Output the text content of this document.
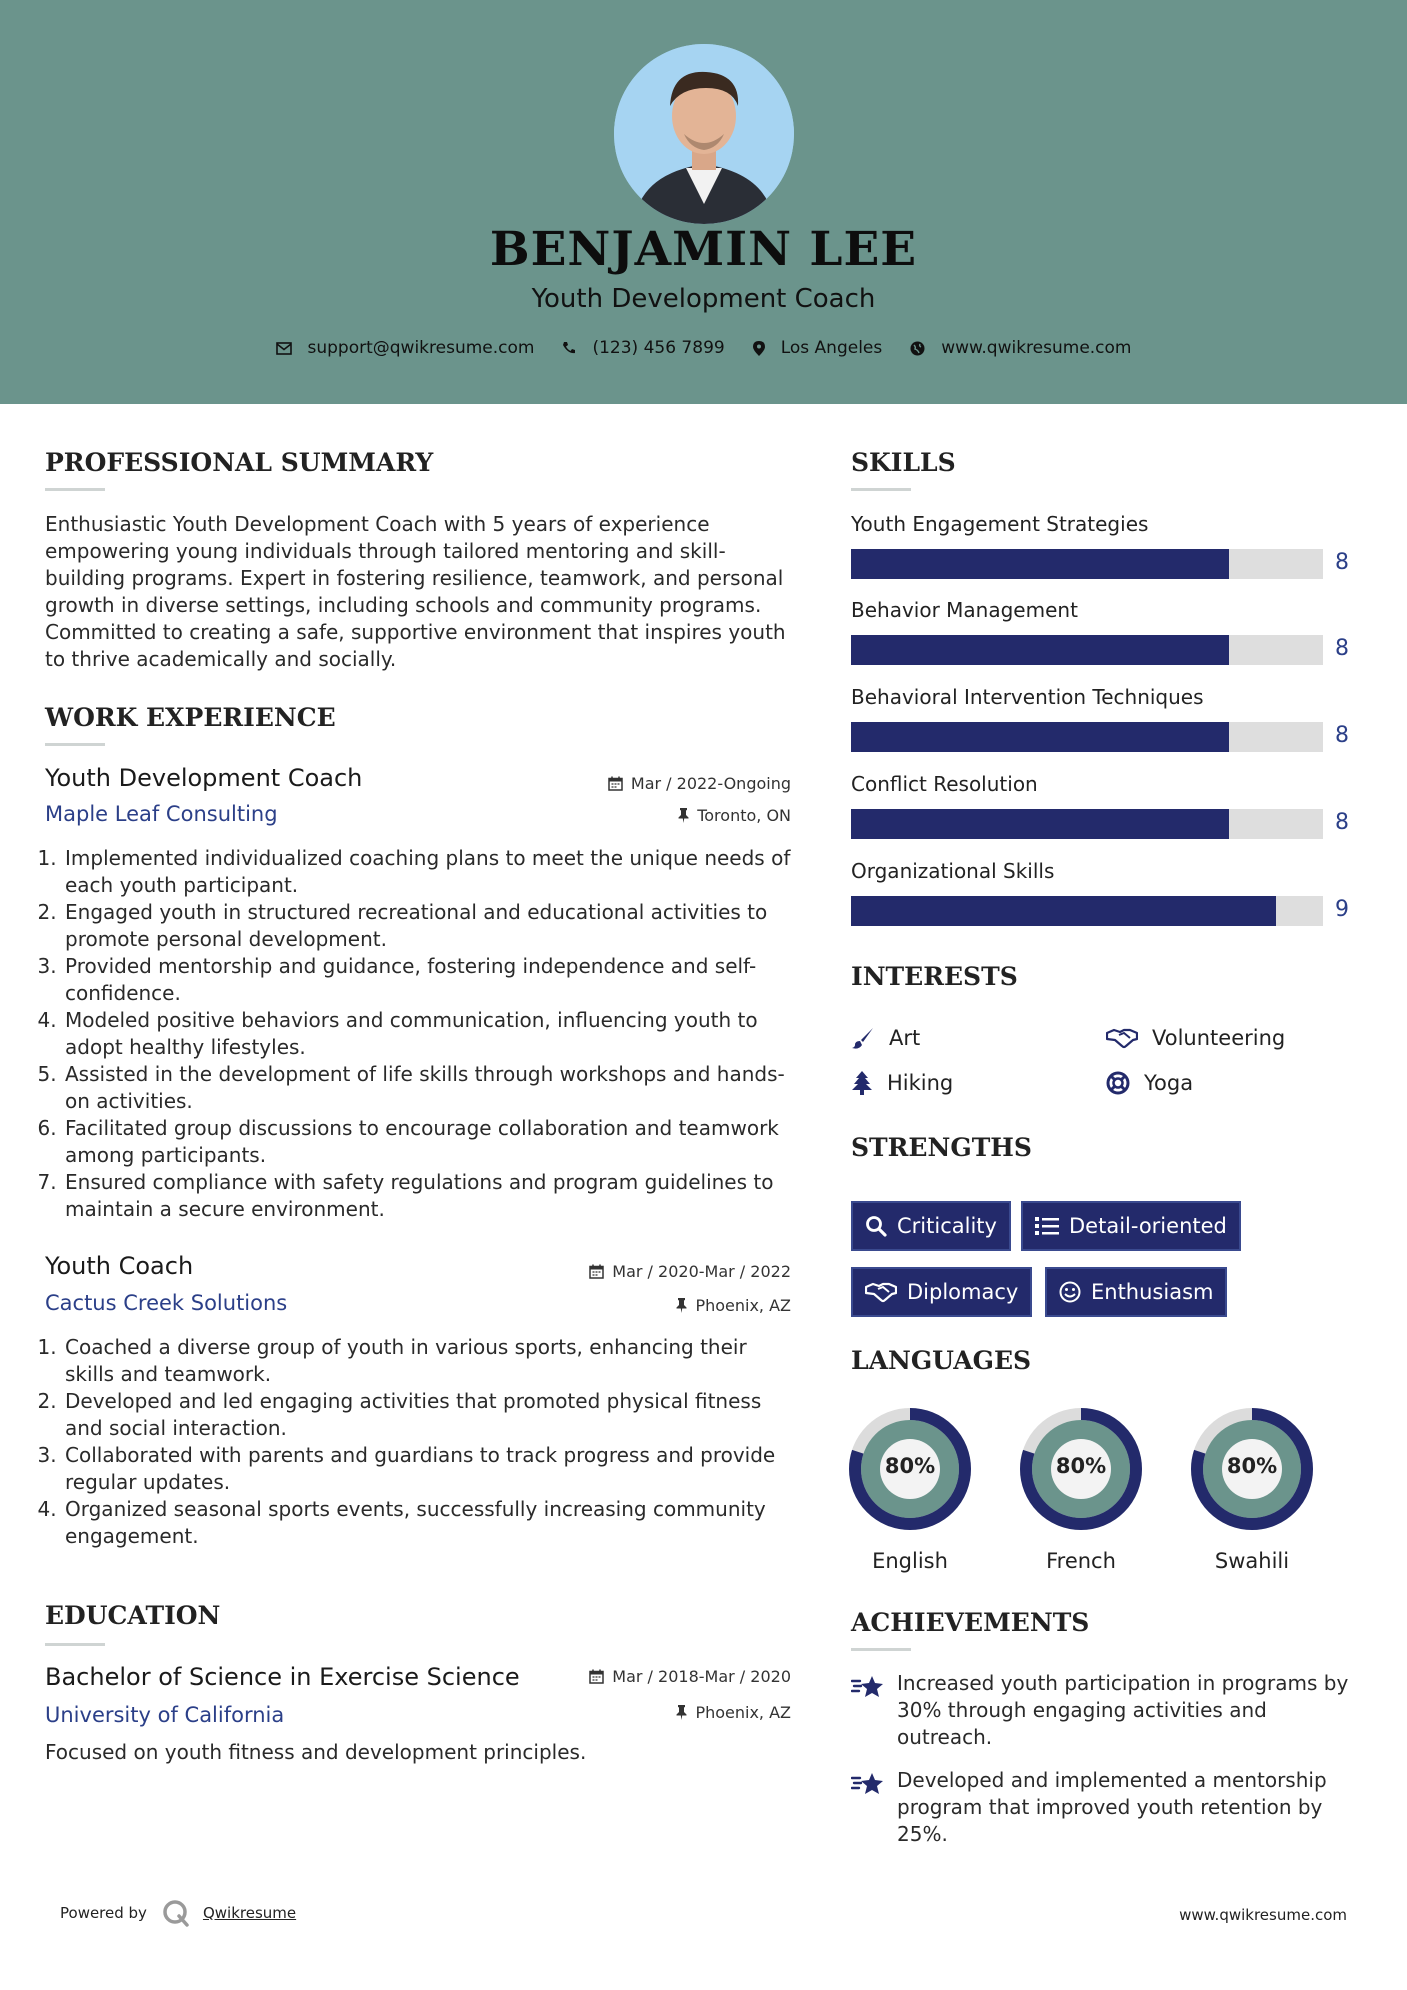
BENJAMIN LEE
Youth Development Coach
support@qwikresume.com	(123) 456 7899	Los Angeles	www.qwikresume.com
PROFESSIONAL SUMMARY
Enthusiastic Youth Development Coach with 5 years of experience empowering young individuals through tailored mentoring and skill-building programs. Expert in fostering resilience, teamwork, and personal growth in diverse settings, including schools and community programs. Committed to creating a safe, supportive environment that inspires youth to thrive academically and socially.
WORK EXPERIENCE
Youth Development Coach	Mar / 2022-Ongoing
Maple Leaf Consulting	Toronto, ON
1. Implemented individualized coaching plans to meet the unique needs of each youth participant.
2. Engaged youth in structured recreational and educational activities to promote personal development.
3. Provided mentorship and guidance, fostering independence and self-confidence.
4. Modeled positive behaviors and communication, influencing youth to adopt healthy lifestyles.
5. Assisted in the development of life skills through workshops and hands-on activities.
6. Facilitated group discussions to encourage collaboration and teamwork among participants.
7. Ensured compliance with safety regulations and program guidelines to maintain a secure environment.
Youth Coach	Mar / 2020-Mar / 2022
Cactus Creek Solutions	Phoenix, AZ
1. Coached a diverse group of youth in various sports, enhancing their skills and teamwork.
2. Developed and led engaging activities that promoted physical fitness and social interaction.
3. Collaborated with parents and guardians to track progress and provide regular updates.
4. Organized seasonal sports events, successfully increasing community engagement.
EDUCATION
Bachelor of Science in Exercise Science	Mar / 2018-Mar / 2020
University of California	Phoenix, AZ
Focused on youth fitness and development principles.
SKILLS
Youth Engagement Strategies
8
Behavior Management
8
Behavioral Intervention Techniques
8
Conflict Resolution
8
Organizational Skills
9
INTERESTS
Art	Volunteering
Hiking	Yoga
STRENGTHS
Criticality	Detail-oriented
Diplomacy	Enthusiasm
LANGUAGES
80%
English
80%
French
80%
Swahili
ACHIEVEMENTS
Increased youth participation in programs by 30% through engaging activities and outreach.
Developed and implemented a mentorship program that improved youth retention by 25%.
Powered by	Qwikresume	www.qwikresume.com
